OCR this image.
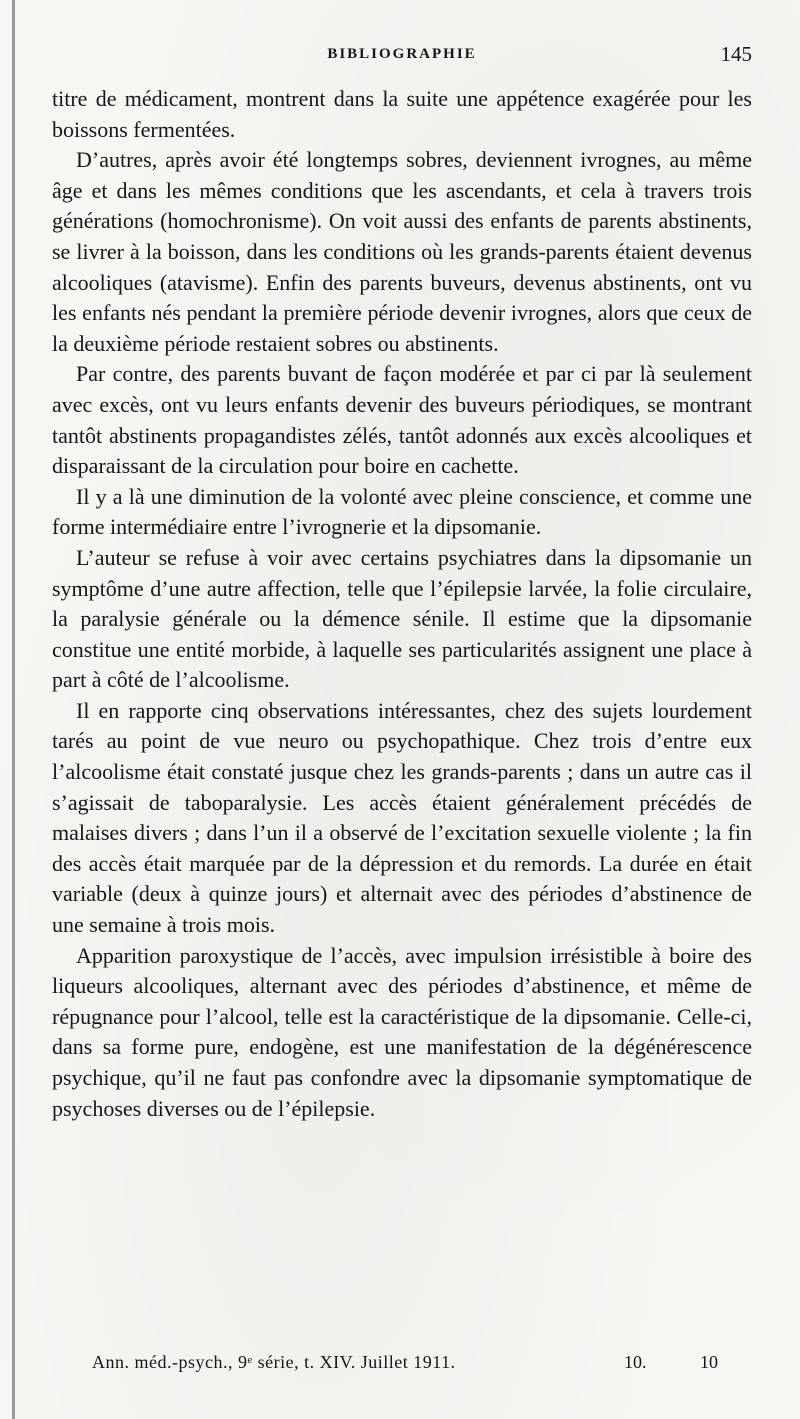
BIBLIOGRAPHIE	145

titre de médicament, montrent dans la suite une appétence exagérée pour les boissons fermentées.

D’autres, après avoir été longtemps sobres, deviennent ivrognes, au même âge et dans les mêmes conditions que les ascendants, et cela à travers trois générations (homochronisme). On voit aussi des enfants de parents abstinents, se livrer à la boisson, dans les conditions où les grands-parents étaient devenus alcooliques (atavisme). Enfin des parents buveurs, devenus abstinents, ont vu les enfants nés pendant la première période devenir ivrognes, alors que ceux de la deuxième période restaient sobres ou abstinents.

Par contre, des parents buvant de façon modérée et par ci par là seulement avec excès, ont vu leurs enfants devenir des buveurs périodiques, se montrant tantôt abstinents propagandistes zélés, tantôt adonnés aux excès alcooliques et disparaissant de la circulation pour boire en cachette.

Il y a là une diminution de la volonté avec pleine conscience, et comme une forme intermédiaire entre l’ivrognerie et la dipsomanie.

L’auteur se refuse à voir avec certains psychiatres dans la dipsomanie un symptôme d’une autre affection, telle que l’épilepsie larvée, la folie circulaire, la paralysie générale ou la démence sénile. Il estime que la dipsomanie constitue une entité morbide, à laquelle ses particularités assignent une place à part à côté de l’alcoolisme.

Il en rapporte cinq observations intéressantes, chez des sujets lourdement tarés au point de vue neuro ou psychopathique. Chez trois d’entre eux l’alcoolisme était constaté jusque chez les grands-parents ; dans un autre cas il s’agissait de taboparalysie. Les accès étaient généralement précédés de malaises divers ; dans l’un il a observé de l’excitation sexuelle violente ; la fin des accès était marquée par de la dépression et du remords. La durée en était variable (deux à quinze jours) et alternait avec des périodes d’abstinence de une semaine à trois mois.

Apparition paroxystique de l’accès, avec impulsion irrésistible à boire des liqueurs alcooliques, alternant avec des périodes d’abstinence, et même de répugnance pour l’alcool, telle est la caractéristique de la dipsomanie. Celle-ci, dans sa forme pure, endogène, est une manifestation de la dégénérescence psychique, qu’il ne faut pas confondre avec la dipsomanie symptomatique de psychoses diverses ou de l’épilepsie.

Ann. méd.-psych., 9ᵉ série, t. XIV. Juillet 1911.	10.	10
